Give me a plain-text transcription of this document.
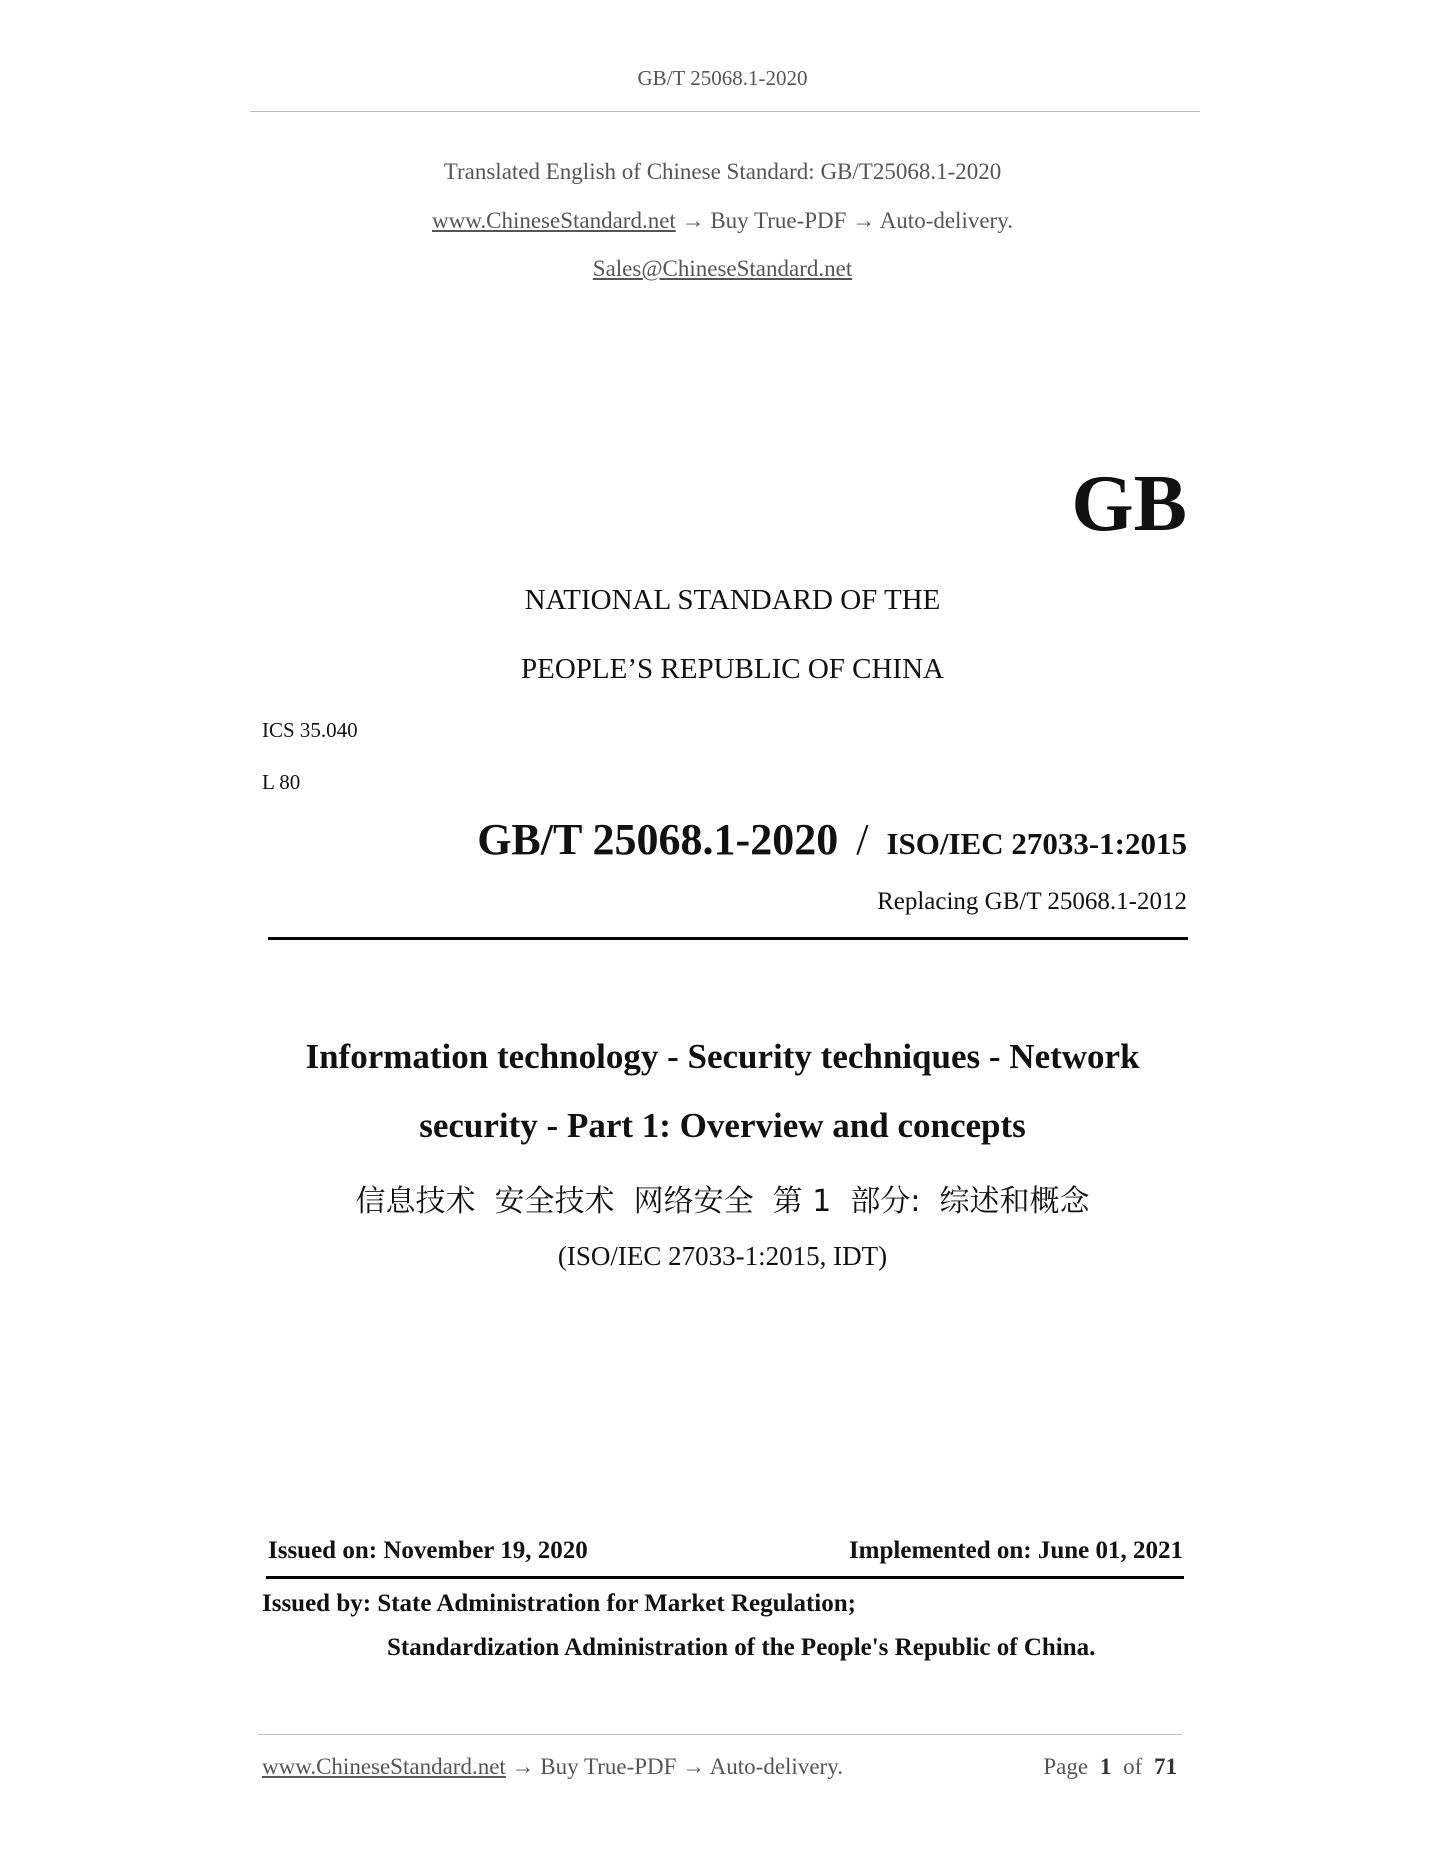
GB/T 25068.1-2020
Translated English of Chinese Standard: GB/T25068.1-2020
www.ChineseStandard.net → Buy True-PDF → Auto-delivery.
Sales@ChineseStandard.net
GB
NATIONAL STANDARD OF THE
PEOPLE’S REPUBLIC OF CHINA
ICS 35.040
L 80
GB/T 25068.1-2020 / ISO/IEC 27033-1:2015
Replacing GB/T 25068.1-2012
Information technology - Security techniques - Network
security - Part 1: Overview and concepts
信息技术  安全技术  网络安全  第 1  部分:  综述和概念
(ISO/IEC 27033-1:2015, IDT)
Issued on: November 19, 2020	Implemented on: June 01, 2021
Issued by: State Administration for Market Regulation;
Standardization Administration of the People's Republic of China.
www.ChineseStandard.net → Buy True-PDF → Auto-delivery.	Page 1 of 71
